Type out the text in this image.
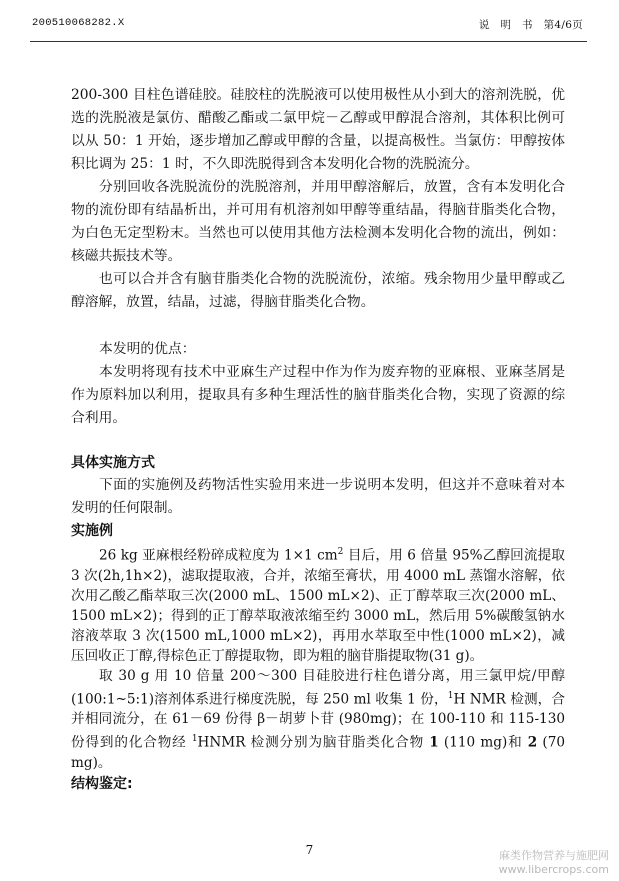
200510068282.X	说　明　书　第4/6页

200-300 目柱色谱硅胶。硅胶柱的洗脱液可以使用极性从小到大的溶剂洗脱，优选的洗脱液是氯仿、醋酸乙酯或二氯甲烷－乙醇或甲醇混合溶剂，其体积比例可以从 50：1 开始，逐步增加乙醇或甲醇的含量，以提高极性。当氯仿：甲醇按体积比调为 25：1 时，不久即洗脱得到含本发明化合物的洗脱流分。

分别回收各洗脱流份的洗脱溶剂，并用甲醇溶解后，放置，含有本发明化合物的流份即有结晶析出，并可用有机溶剂如甲醇等重结晶，得脑苷脂类化合物，为白色无定型粉末。当然也可以使用其他方法检测本发明化合物的流出，例如：核磁共振技术等。

也可以合并含有脑苷脂类化合物的洗脱流份，浓缩。残余物用少量甲醇或乙醇溶解，放置，结晶，过滤，得脑苷脂类化合物。

本发明的优点：

本发明将现有技术中亚麻生产过程中作为作为废弃物的亚麻根、亚麻茎屑是作为原料加以利用，提取具有多种生理活性的脑苷脂类化合物，实现了资源的综合利用。

具体实施方式

下面的实施例及药物活性实验用来进一步说明本发明，但这并不意味着对本发明的任何限制。

实施例

26 kg 亚麻根经粉碎成粒度为 1×1 $cm^2$ 目后，用 6 倍量 95%乙醇回流提取 3 次(2h,1h×2)，滤取提取液，合并，浓缩至膏状，用 4000 mL 蒸馏水溶解，依次用乙酸乙酯萃取三次(2000 mL、1500 mL×2)、正丁醇萃取三次(2000 mL、1500 mL×2)；得到的正丁醇萃取液浓缩至约 3000 mL，然后用 5%碳酸氢钠水溶液萃取 3 次(1500 mL,1000 mL×2)，再用水萃取至中性(1000 mL×2)，减压回收正丁醇,得棕色正丁醇提取物，即为粗的脑苷脂提取物(31 g)。

取 30 g 用 10 倍量 200～300 目硅胶进行柱色谱分离，用三氯甲烷/甲醇(100:1~5:1)溶剂体系进行梯度洗脱，每 250 ml 收集 1 份，$^1$H NMR 检测，合并相同流分，在 61－69 份得 β－胡萝卜苷 (980mg)；在 100-110 和 115-130 份得到的化合物经 $^1$HNMR 检测分别为脑苷脂类化合物 1 (110 mg)和 2 (70 mg)。

结构鉴定:

7	麻类作物营养与施肥网
www.libercrops.com
